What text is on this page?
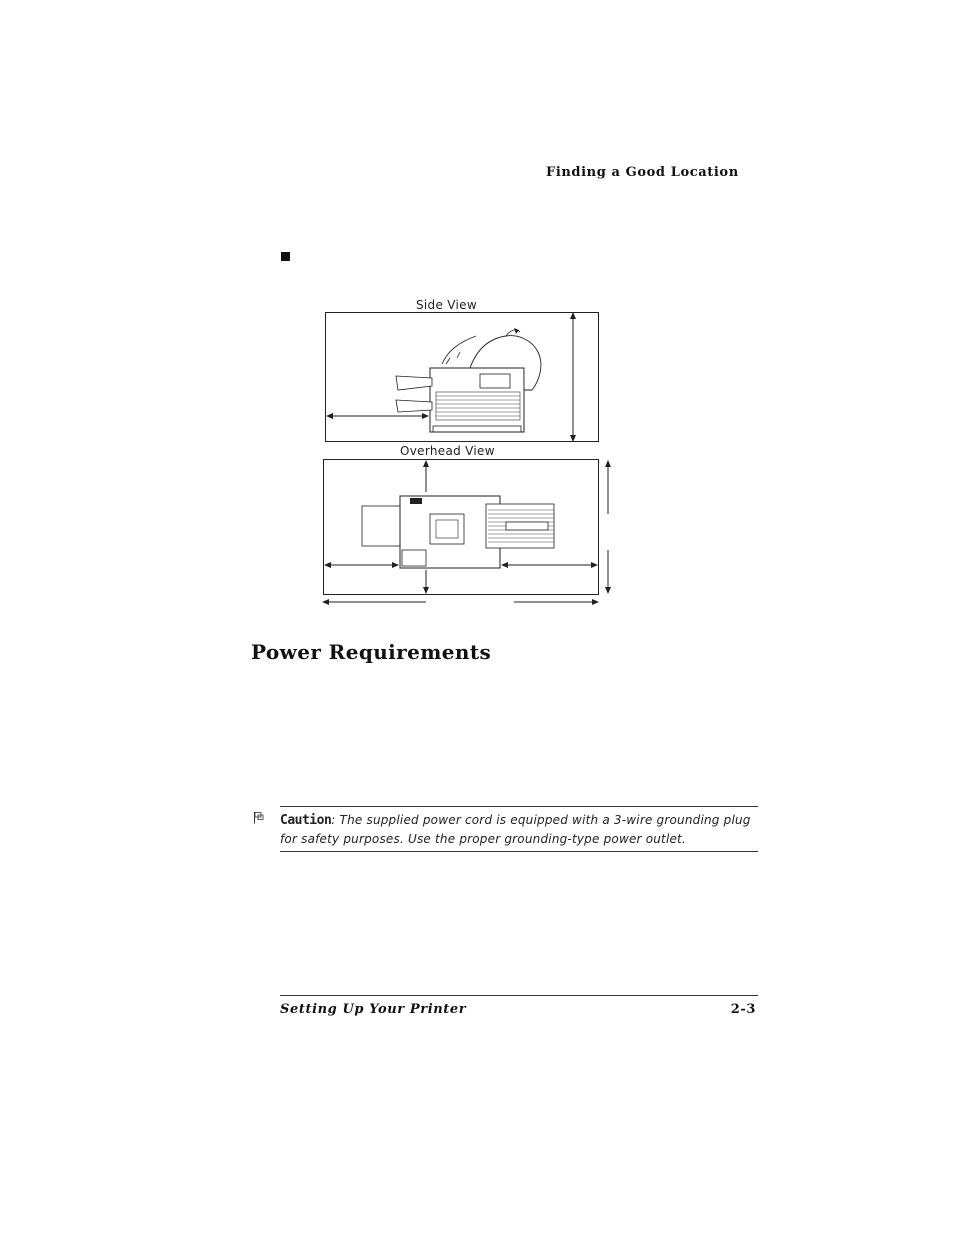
Finding a Good Location
Side View
Overhead View
Power Requirements
Caution: The supplied power cord is equipped with a 3-wire grounding plug for safety purposes. Use the proper grounding-type power outlet.
Setting Up Your Printer	2-3
